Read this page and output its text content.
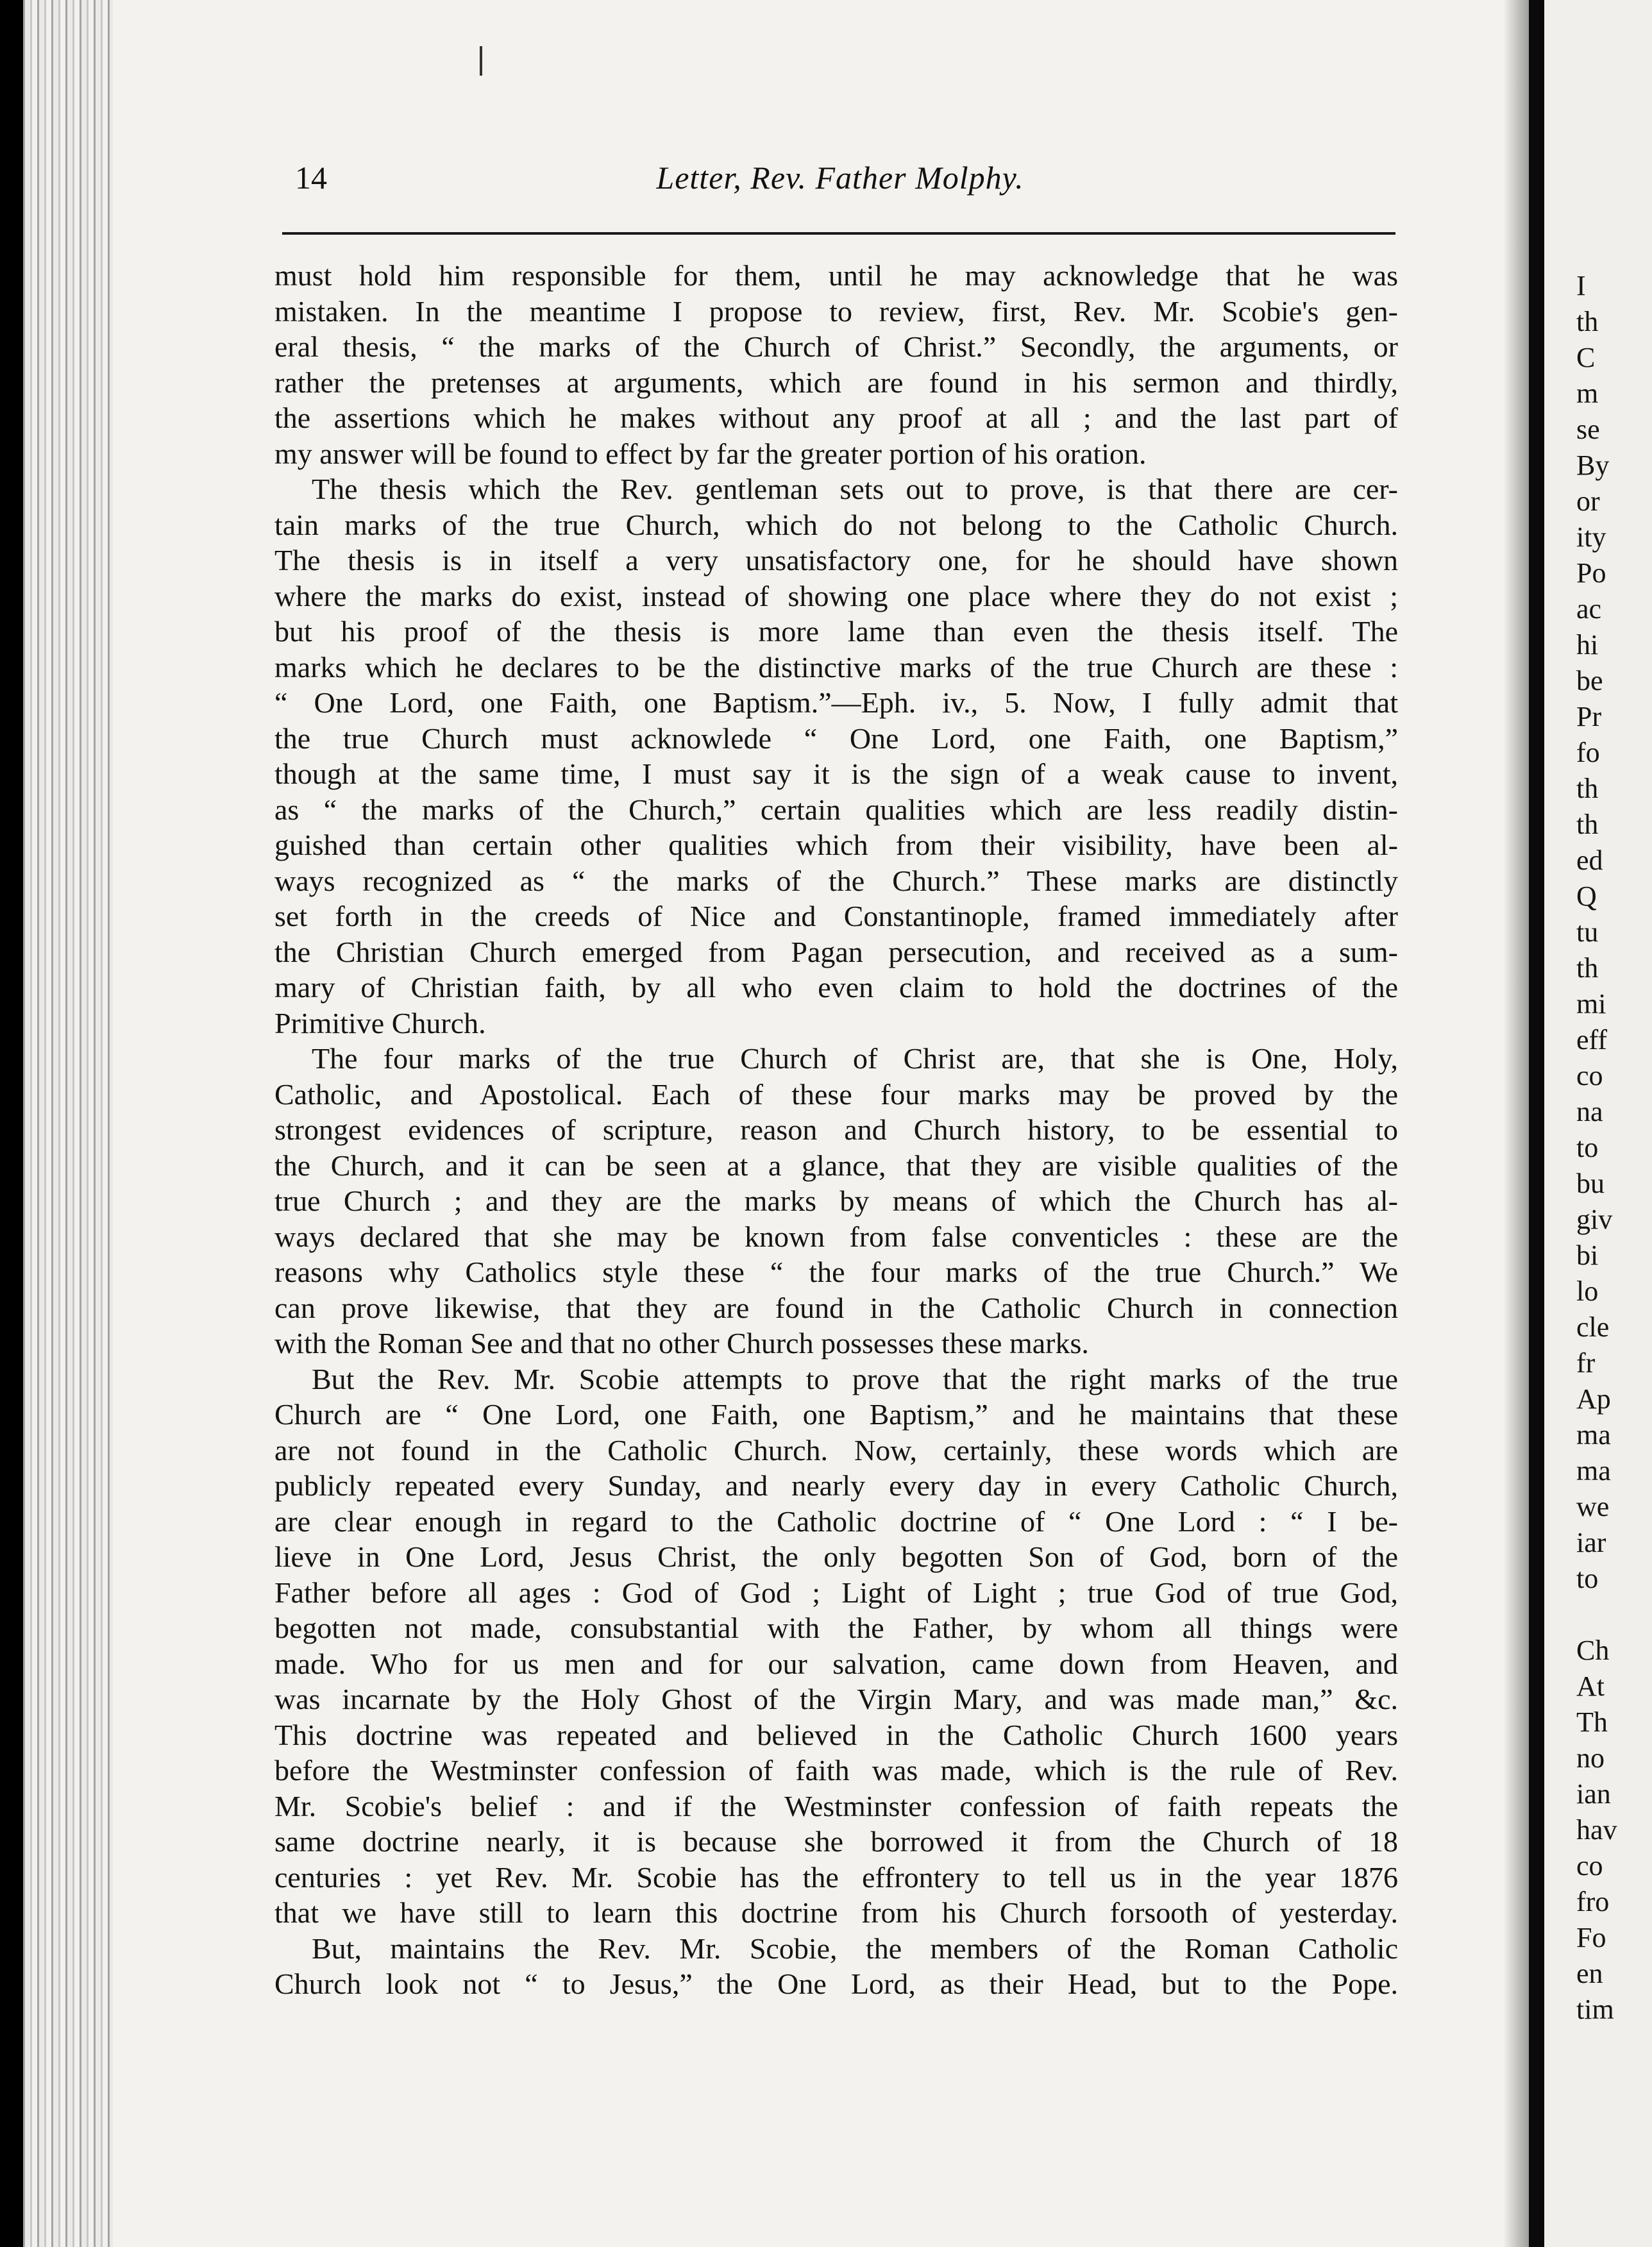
14	Letter, Rev. Father Molphy.
must hold him responsible for them, until he may acknowledge that he was
mistaken. In the meantime I propose to review, first, Rev. Mr. Scobie's gen-
eral thesis, “ the marks of the Church of Christ.” Secondly, the arguments, or
rather the pretenses at arguments, which are found in his sermon and thirdly,
the assertions which he makes without any proof at all ; and the last part of
my answer will be found to effect by far the greater portion of his oration.
The thesis which the Rev. gentleman sets out to prove, is that there are cer-
tain marks of the true Church, which do not belong to the Catholic Church.
The thesis is in itself a very unsatisfactory one, for he should have shown
where the marks do exist, instead of showing one place where they do not exist ;
but his proof of the thesis is more lame than even the thesis itself. The
marks which he declares to be the distinctive marks of the true Church are these :
“ One Lord, one Faith, one Baptism.”—Eph. iv., 5. Now, I fully admit that
the true Church must acknowlede “ One Lord, one Faith, one Baptism,”
though at the same time, I must say it is the sign of a weak cause to invent,
as “ the marks of the Church,” certain qualities which are less readily distin-
guished than certain other qualities which from their visibility, have been al-
ways recognized as “ the marks of the Church.” These marks are distinctly
set forth in the creeds of Nice and Constantinople, framed immediately after
the Christian Church emerged from Pagan persecution, and received as a sum-
mary of Christian faith, by all who even claim to hold the doctrines of the
Primitive Church.
The four marks of the true Church of Christ are, that she is One, Holy,
Catholic, and Apostolical. Each of these four marks may be proved by the
strongest evidences of scripture, reason and Church history, to be essential to
the Church, and it can be seen at a glance, that they are visible qualities of the
true Church ; and they are the marks by means of which the Church has al-
ways declared that she may be known from false conventicles : these are the
reasons why Catholics style these “ the four marks of the true Church.” We
can prove likewise, that they are found in the Catholic Church in connection
with the Roman See and that no other Church possesses these marks.
But the Rev. Mr. Scobie attempts to prove that the right marks of the true
Church are “ One Lord, one Faith, one Baptism,” and he maintains that these
are not found in the Catholic Church. Now, certainly, these words which are
publicly repeated every Sunday, and nearly every day in every Catholic Church,
are clear enough in regard to the Catholic doctrine of “ One Lord : “ I be-
lieve in One Lord, Jesus Christ, the only begotten Son of God, born of the
Father before all ages : God of God ; Light of Light ; true God of true God,
begotten not made, consubstantial with the Father, by whom all things were
made. Who for us men and for our salvation, came down from Heaven, and
was incarnate by the Holy Ghost of the Virgin Mary, and was made man,” &c.
This doctrine was repeated and believed in the Catholic Church 1600 years
before the Westminster confession of faith was made, which is the rule of Rev.
Mr. Scobie's belief : and if the Westminster confession of faith repeats the
same doctrine nearly, it is because she borrowed it from the Church of 18
centuries : yet Rev. Mr. Scobie has the effrontery to tell us in the year 1876
that we have still to learn this doctrine from his Church forsooth of yesterday.
But, maintains the Rev. Mr. Scobie, the members of the Roman Catholic
Church look not “ to Jesus,” the One Lord, as their Head, but to the Pope.
I
th
C
m
se
By
or
ity
Po
ac
hi
be
Pr
fo
th
th
ed
Q
tu
th
mi
eff
co
na
to
bu
giv
bi
lo
cle
fr
Ap
ma
ma
we
iar
to
Ch
At
Th
no
ian
hav
co
fro
Fo
en
tim
